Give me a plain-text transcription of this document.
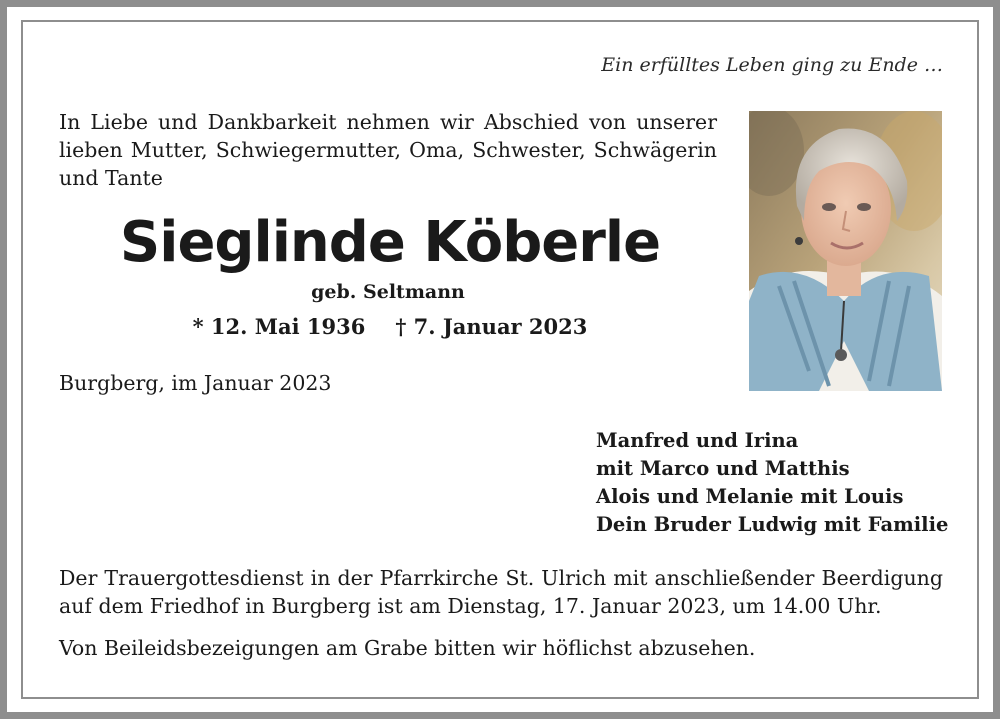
Ein erfülltes Leben ging zu Ende …
In Liebe und Dankbarkeit nehmen wir Abschied von unserer
lieben Mutter, Schwiegermutter, Oma, Schwester, Schwägerin
und Tante
Sieglinde Köberle
geb. Seltmann
* 12. Mai 1936 † 7. Januar 2023
Burgberg, im Januar 2023
Manfred und Irina
mit Marco und Matthis
Alois und Melanie mit Louis
Dein Bruder Ludwig mit Familie
Der Trauergottesdienst in der Pfarrkirche St. Ulrich mit anschließender Beerdigung
auf dem Friedhof in Burgberg ist am Dienstag, 17. Januar 2023, um 14.00 Uhr.
Von Beileidsbezeigungen am Grabe bitten wir höflichst abzusehen.
